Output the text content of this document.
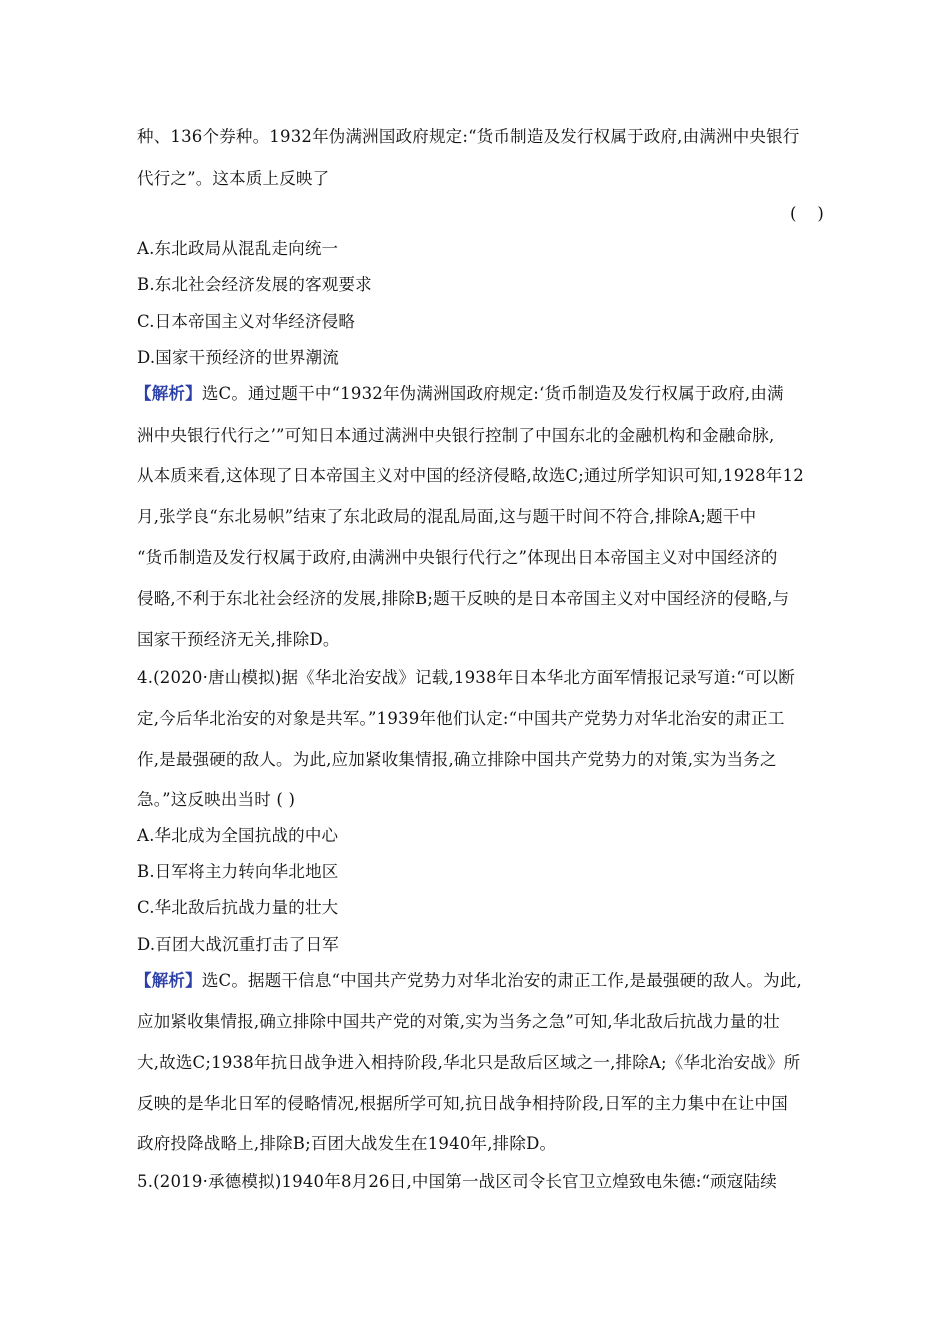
种、136个券种。1932年伪满洲国政府规定:“货币制造及发行权属于政府,由满洲中央银行
代行之”。这本质上反映了
(    )
A.东北政局从混乱走向统一
B.东北社会经济发展的客观要求
C.日本帝国主义对华经济侵略
D.国家干预经济的世界潮流
【解析】选C。通过题干中“1932年伪满洲国政府规定:‘货币制造及发行权属于政府,由满
洲中央银行代行之’”可知日本通过满洲中央银行控制了中国东北的金融机构和金融命脉,
从本质来看,这体现了日本帝国主义对中国的经济侵略,故选C;通过所学知识可知,1928年12
月,张学良“东北易帜”结束了东北政局的混乱局面,这与题干时间不符合,排除A;题干中
“货币制造及发行权属于政府,由满洲中央银行代行之”体现出日本帝国主义对中国经济的
侵略,不利于东北社会经济的发展,排除B;题干反映的是日本帝国主义对中国经济的侵略,与
国家干预经济无关,排除D。
4.(2020·唐山模拟)据《华北治安战》记载,1938年日本华北方面军情报记录写道:“可以断
定,今后华北治安的对象是共军。”1939年他们认定:“中国共产党势力对华北治安的肃正工
作,是最强硬的敌人。为此,应加紧收集情报,确立排除中国共产党势力的对策,实为当务之
急。”这反映出当时 ( )
A.华北成为全国抗战的中心
B.日军将主力转向华北地区
C.华北敌后抗战力量的壮大
D.百团大战沉重打击了日军
【解析】选C。据题干信息“中国共产党势力对华北治安的肃正工作,是最强硬的敌人。为此,
应加紧收集情报,确立排除中国共产党的对策,实为当务之急”可知,华北敌后抗战力量的壮
大,故选C;1938年抗日战争进入相持阶段,华北只是敌后区域之一,排除A;《华北治安战》所
反映的是华北日军的侵略情况,根据所学可知,抗日战争相持阶段,日军的主力集中在让中国
政府投降战略上,排除B;百团大战发生在1940年,排除D。
5.(2019·承德模拟)1940年8月26日,中国第一战区司令长官卫立煌致电朱德:“顽寇陆续
